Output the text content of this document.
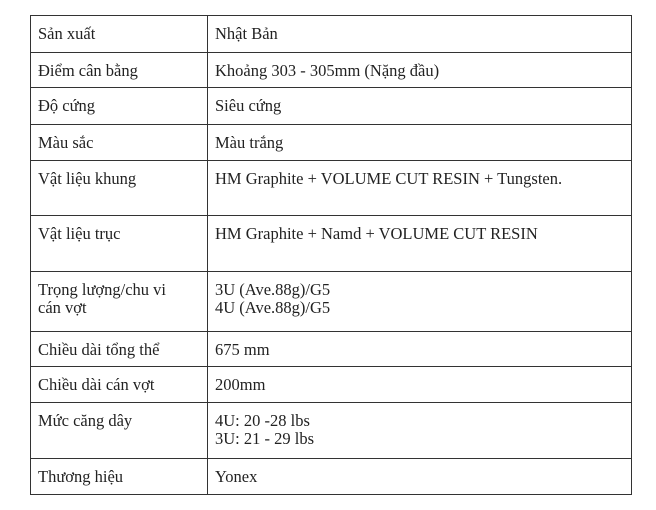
Sản xuất	Nhật Bản

Điểm cân bằng	Khoảng 303 - 305mm (Nặng đầu)

Độ cứng	Siêu cứng

Màu sắc	Màu trắng

Vật liệu khung	HM Graphite + VOLUME CUT RESIN + Tungsten.

Vật liệu trục	HM Graphite + Namd + VOLUME CUT RESIN

Trọng lượng/chu vi
cán vợt	3U (Ave.88g)/G5
4U (Ave.88g)/G5

Chiều dài tổng thể	675 mm

Chiều dài cán vợt	200mm

Mức căng dây	4U: 20 -28 lbs
3U: 21 - 29 lbs

Thương hiệu	Yonex
